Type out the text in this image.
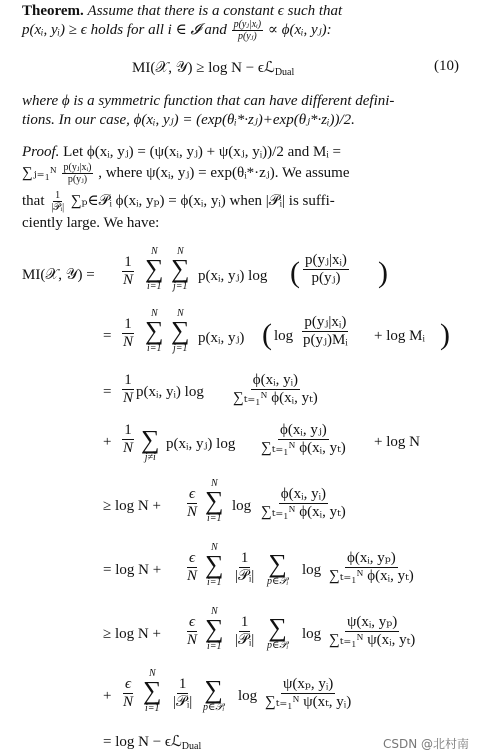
Theorem. Assume that there is a constant ϵ such that
p(xᵢ, yᵢ) ≥ ϵ holds for all i ∈ 𝓘 and $\frac{\text{p(yⱼ|xᵢ)}}{\text{p(yⱼ)}}$ ∝ ϕ(xᵢ, yⱼ):
MI(𝒳, 𝒴) ≥ log N − ϵℒ$_{Dual}$	(10)
where ϕ is a symmetric function that can have different defini-
tions. In our case, ϕ(xᵢ, yⱼ) = (exp(θᵢ*·zⱼ)+exp(θⱼ*·zᵢ))/2.
Proof. Let ϕ(xᵢ, yⱼ) = (ψ(xᵢ, yⱼ) + ψ(xⱼ, yᵢ))/2 and Mᵢ =
∑ⱼ₌₁ᴺ $\frac{\text{p(yⱼ|xᵢ)}}{\text{p(yⱼ)}}$ , where ψ(xᵢ, yⱼ) = exp(θᵢ*·zⱼ). We assume
that $\frac{1}{\text{|𝒫ᵢ|}}$ ∑ₚ∈𝒫ᵢ ϕ(xᵢ, yₚ) = ϕ(xᵢ, yᵢ) when |𝒫ᵢ| is suffi-
ciently large. We have:
MI(𝒳, 𝒴) = $\frac{1}{N}$
N
∑
i=1
N
∑
j=1
p(xᵢ, yⱼ) log ( $\frac{\text{p(yⱼ|xᵢ)}}{\text{p(yⱼ)}}$ )
= $\frac{1}{N}$
N
∑
i=1
N
∑
j=1
p(xᵢ, yⱼ) ( $\log \frac{\text{p(yⱼ|xᵢ)}}{\text{p(yⱼ)Mᵢ}} + \log$ Mᵢ )
= $\frac{1}{N}$ p(xᵢ, yᵢ) $\log \frac{\text{ϕ(xᵢ, yᵢ)}}{\text{∑ₜ₌₁ᴺ ϕ(xᵢ, yₜ)}}$
+ $\frac{1}{N}$ ∑
j≠i
p(xᵢ, yⱼ) $\log \frac{\text{ϕ(xᵢ, yⱼ)}}{\text{∑ₜ₌₁ᴺ ϕ(xᵢ, yₜ)}} + \log N$
≥ $\log N + \frac{\epsilon}{N}$
N
∑
i=1
$\log \frac{\text{ϕ(xᵢ, yᵢ)}}{\text{∑ₜ₌₁ᴺ ϕ(xᵢ, yₜ)}}$
= $\log N + \frac{\epsilon}{N}$
N
∑
i=1
1
|𝒫ᵢ| ∑
p∈𝒫ᵢ
$\log \frac{\text{ϕ(xᵢ, yₚ)}}{\text{∑ₜ₌₁ᴺ ϕ(xᵢ, yₜ)}}$
≥ $\log N + \frac{\epsilon}{N}$
N
∑
i=1
1
|𝒫ᵢ| ∑
p∈𝒫ᵢ
$\log \frac{\text{ψ(xᵢ, yₚ)}}{\text{∑ₜ₌₁ᴺ ψ(xᵢ, yₜ)}}$
+ $\frac{\epsilon}{N}$
N
∑
i=1
1
|𝒫ᵢ| ∑
p∈𝒫ᵢ
$\log \frac{\text{ψ(xₚ, yᵢ)}}{\text{∑ₜ₌₁ᴺ ψ(xₜ, yᵢ)}}$
= log N − ϵℒ$_{Dual}$	CSDN @北村南
